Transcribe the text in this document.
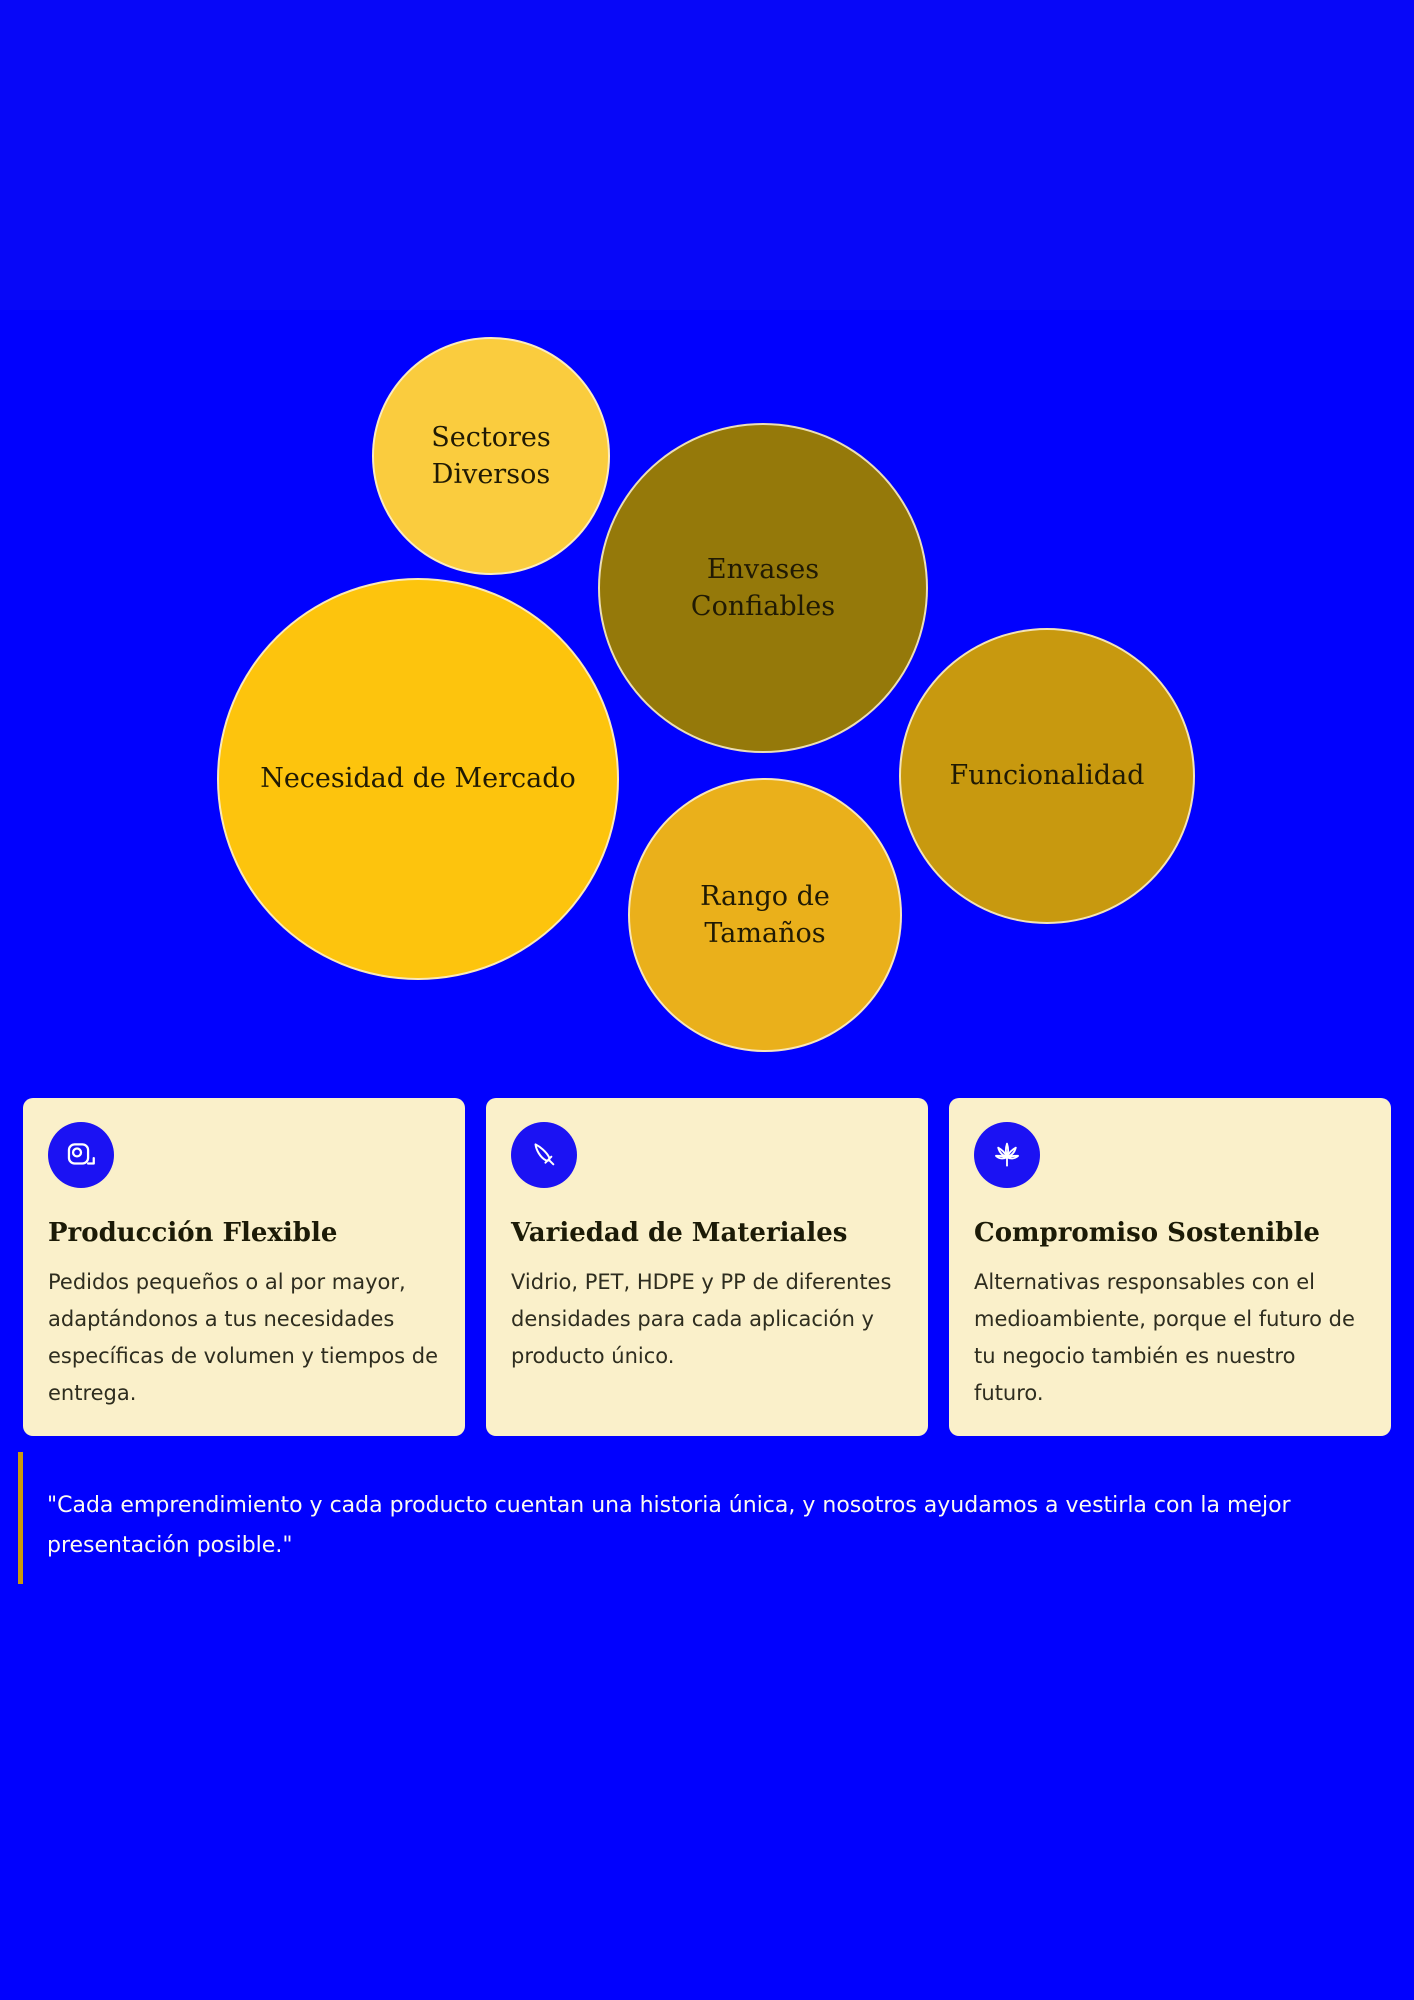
Sectores Diversos
Envases Confiables
Necesidad de Mercado	Funcionalidad
Rango de Tamaños
Producción Flexible

Pedidos pequeños o al por mayor, adaptándonos a tus necesidades específicas de volumen y tiempos de entrega.

Variedad de Materiales

Vidrio, PET, HDPE y PP de diferentes densidades para cada aplicación y producto único.

Compromiso Sostenible

Alternativas responsables con el medioambiente, porque el futuro de tu negocio también es nuestro futuro.

"Cada emprendimiento y cada producto cuentan una historia única, y nosotros ayudamos a vestirla con la mejor presentación posible."
